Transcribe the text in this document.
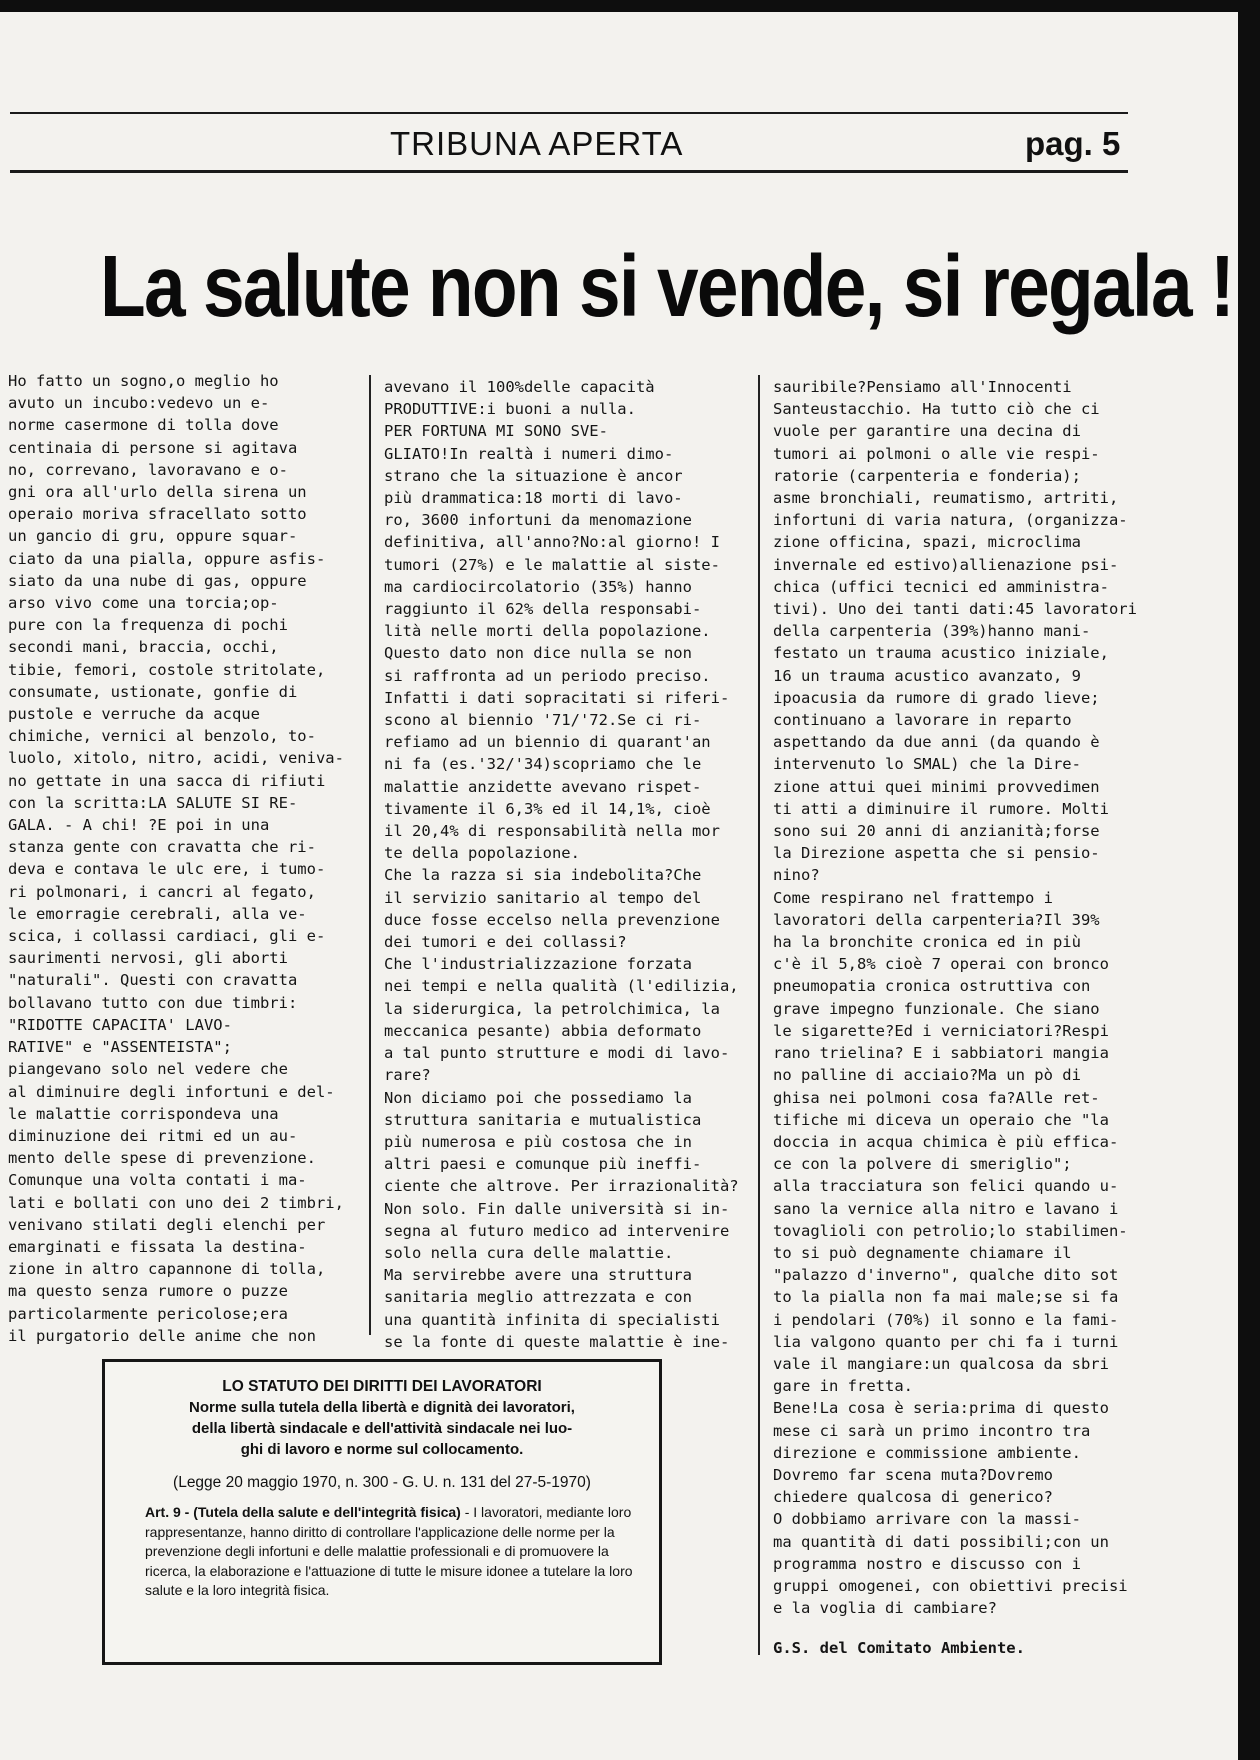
TRIBUNA APERTA	pag. 5
La salute non si vende, si regala !
Ho fatto un sogno,o meglio ho
avuto un incubo:vedevo un e-
norme casermone di tolla dove
centinaia di persone si agitava
no, correvano, lavoravano e o-
gni ora all'urlo della sirena un
operaio moriva sfracellato sotto
un gancio di gru, oppure squar-
ciato da una pialla, oppure asfis-
siato da una nube di gas, oppure
arso vivo come una torcia;op-
pure con la frequenza di pochi
secondi mani, braccia, occhi,
tibie, femori, costole stritolate,
consumate, ustionate, gonfie di
pustole e verruche da acque
chimiche, vernici al benzolo, to-
luolo, xitolo, nitro, acidi, veniva-
no gettate in una sacca di rifiuti
con la scritta:LA SALUTE SI RE-
GALA. - A chi! ?E poi in una
stanza gente con cravatta che ri-
deva e contava le ulc ere, i tumo-
ri polmonari, i cancri al fegato,
le emorragie cerebrali, alla ve-
scica, i collassi cardiaci, gli e-
saurimenti nervosi, gli aborti
"naturali". Questi con cravatta
bollavano tutto con due timbri:
"RIDOTTE CAPACITA' LAVO-
RATIVE" e "ASSENTEISTA";
piangevano solo nel vedere che
al diminuire degli infortuni e del-
le malattie corrispondeva una
diminuzione dei ritmi ed un au-
mento delle spese di prevenzione.
Comunque una volta contati i ma-
lati e bollati con uno dei 2 timbri,
venivano stilati degli elenchi per
emarginati e fissata la destina-
zione in altro capannone di tolla,
ma questo senza rumore o puzze
particolarmente pericolose;era
il purgatorio delle anime che non
avevano il 100%delle capacità
PRODUTTIVE:i buoni a nulla.
PER FORTUNA MI SONO SVE-
GLIATO!In realtà i numeri dimo-
strano che la situazione è ancor
più drammatica:18 morti di lavo-
ro, 3600 infortuni da menomazione
definitiva, all'anno?No:al giorno! I
tumori (27%) e le malattie al siste-
ma cardiocircolatorio (35%) hanno
raggiunto il 62% della responsabi-
lità nelle morti della popolazione.
Questo dato non dice nulla se non
si raffronta ad un periodo preciso.
Infatti i dati sopracitati si riferi-
scono al biennio '71/'72.Se ci ri-
refiamo ad un biennio di quarant'an
ni fa (es.'32/'34)scopriamo che le
malattie anzidette avevano rispet-
tivamente il 6,3% ed il 14,1%, cioè
il 20,4% di responsabilità nella mor
te della popolazione.
Che la razza si sia indebolita?Che
il servizio sanitario al tempo del
duce fosse eccelso nella prevenzione
dei tumori e dei collassi?
Che l'industrializzazione forzata
nei tempi e nella qualità (l'edilizia,
la siderurgica, la petrolchimica, la
meccanica pesante) abbia deformato
a tal punto strutture e modi di lavo-
rare?
Non diciamo poi che possediamo la
struttura sanitaria e mutualistica
più numerosa e più costosa che in
altri paesi e comunque più ineffi-
ciente che altrove. Per irrazionalità?
Non solo. Fin dalle università si in-
segna al futuro medico ad intervenire
solo nella cura delle malattie.
Ma servirebbe avere una struttura
sanitaria meglio attrezzata e con
una quantità infinita di specialisti
se la fonte di queste malattie è ine-
sauribile?Pensiamo all'Innocenti
Santeustacchio. Ha tutto ciò che ci
vuole per garantire una decina di
tumori ai polmoni o alle vie respi-
ratorie (carpenteria e fonderia);
asme bronchiali, reumatismo, artriti,
infortuni di varia natura, (organizza-
zione officina, spazi, microclima
invernale ed estivo)allienazione psi-
chica (uffici tecnici ed amministra-
tivi). Uno dei tanti dati:45 lavoratori
della carpenteria (39%)hanno mani-
festato un trauma acustico iniziale,
16 un trauma acustico avanzato, 9
ipoacusia da rumore di grado lieve;
continuano a lavorare in reparto
aspettando da due anni (da quando è
intervenuto lo SMAL) che la Dire-
zione attui quei minimi provvedimen
ti atti a diminuire il rumore. Molti
sono sui 20 anni di anzianità;forse
la Direzione aspetta che si pensio-
nino?
Come respirano nel frattempo i
lavoratori della carpenteria?Il 39%
ha la bronchite cronica ed in più
c'è il 5,8% cioè 7 operai con bronco
pneumopatia cronica ostruttiva con
grave impegno funzionale. Che siano
le sigarette?Ed i verniciatori?Respi
rano trielina? E i sabbiatori mangia
no palline di acciaio?Ma un pò di
ghisa nei polmoni cosa fa?Alle ret-
tifiche mi diceva un operaio che "la
doccia in acqua chimica è più effica-
ce con la polvere di smeriglio";
alla tracciatura son felici quando u-
sano la vernice alla nitro e lavano i
tovaglioli con petrolio;lo stabilimen-
to si può degnamente chiamare il
"palazzo d'inverno", qualche dito sot
to la pialla non fa mai male;se si fa
i pendolari (70%) il sonno e la fami-
lia valgono quanto per chi fa i turni
vale il mangiare:un qualcosa da sbri
gare in fretta.
Bene!La cosa è seria:prima di questo
mese ci sarà un primo incontro tra
direzione e commissione ambiente.
Dovremo far scena muta?Dovremo
chiedere qualcosa di generico?
O dobbiamo arrivare con la massi-
ma quantità di dati possibili;con un
programma nostro e discusso con i
gruppi omogenei, con obiettivi precisi
e la voglia di cambiare?
G.S. del Comitato Ambiente.
LO STATUTO DEI DIRITTI DEI LAVORATORI
Norme sulla tutela della libertà e dignità dei lavoratori,
della libertà sindacale e dell'attività sindacale nei luo-
ghi di lavoro e norme sul collocamento.
(Legge 20 maggio 1970, n. 300 - G. U. n. 131 del 27-5-1970)
Art. 9 - (Tutela della salute e dell'integrità fisica) - I lavoratori, mediante loro rappresentanze, hanno diritto di controllare l'applicazione delle norme per la prevenzione degli infortuni e delle malattie professionali e di promuovere la ricerca, la elaborazione e l'attuazione di tutte le misure idonee a tutelare la loro salute e la loro integrità fisica.
